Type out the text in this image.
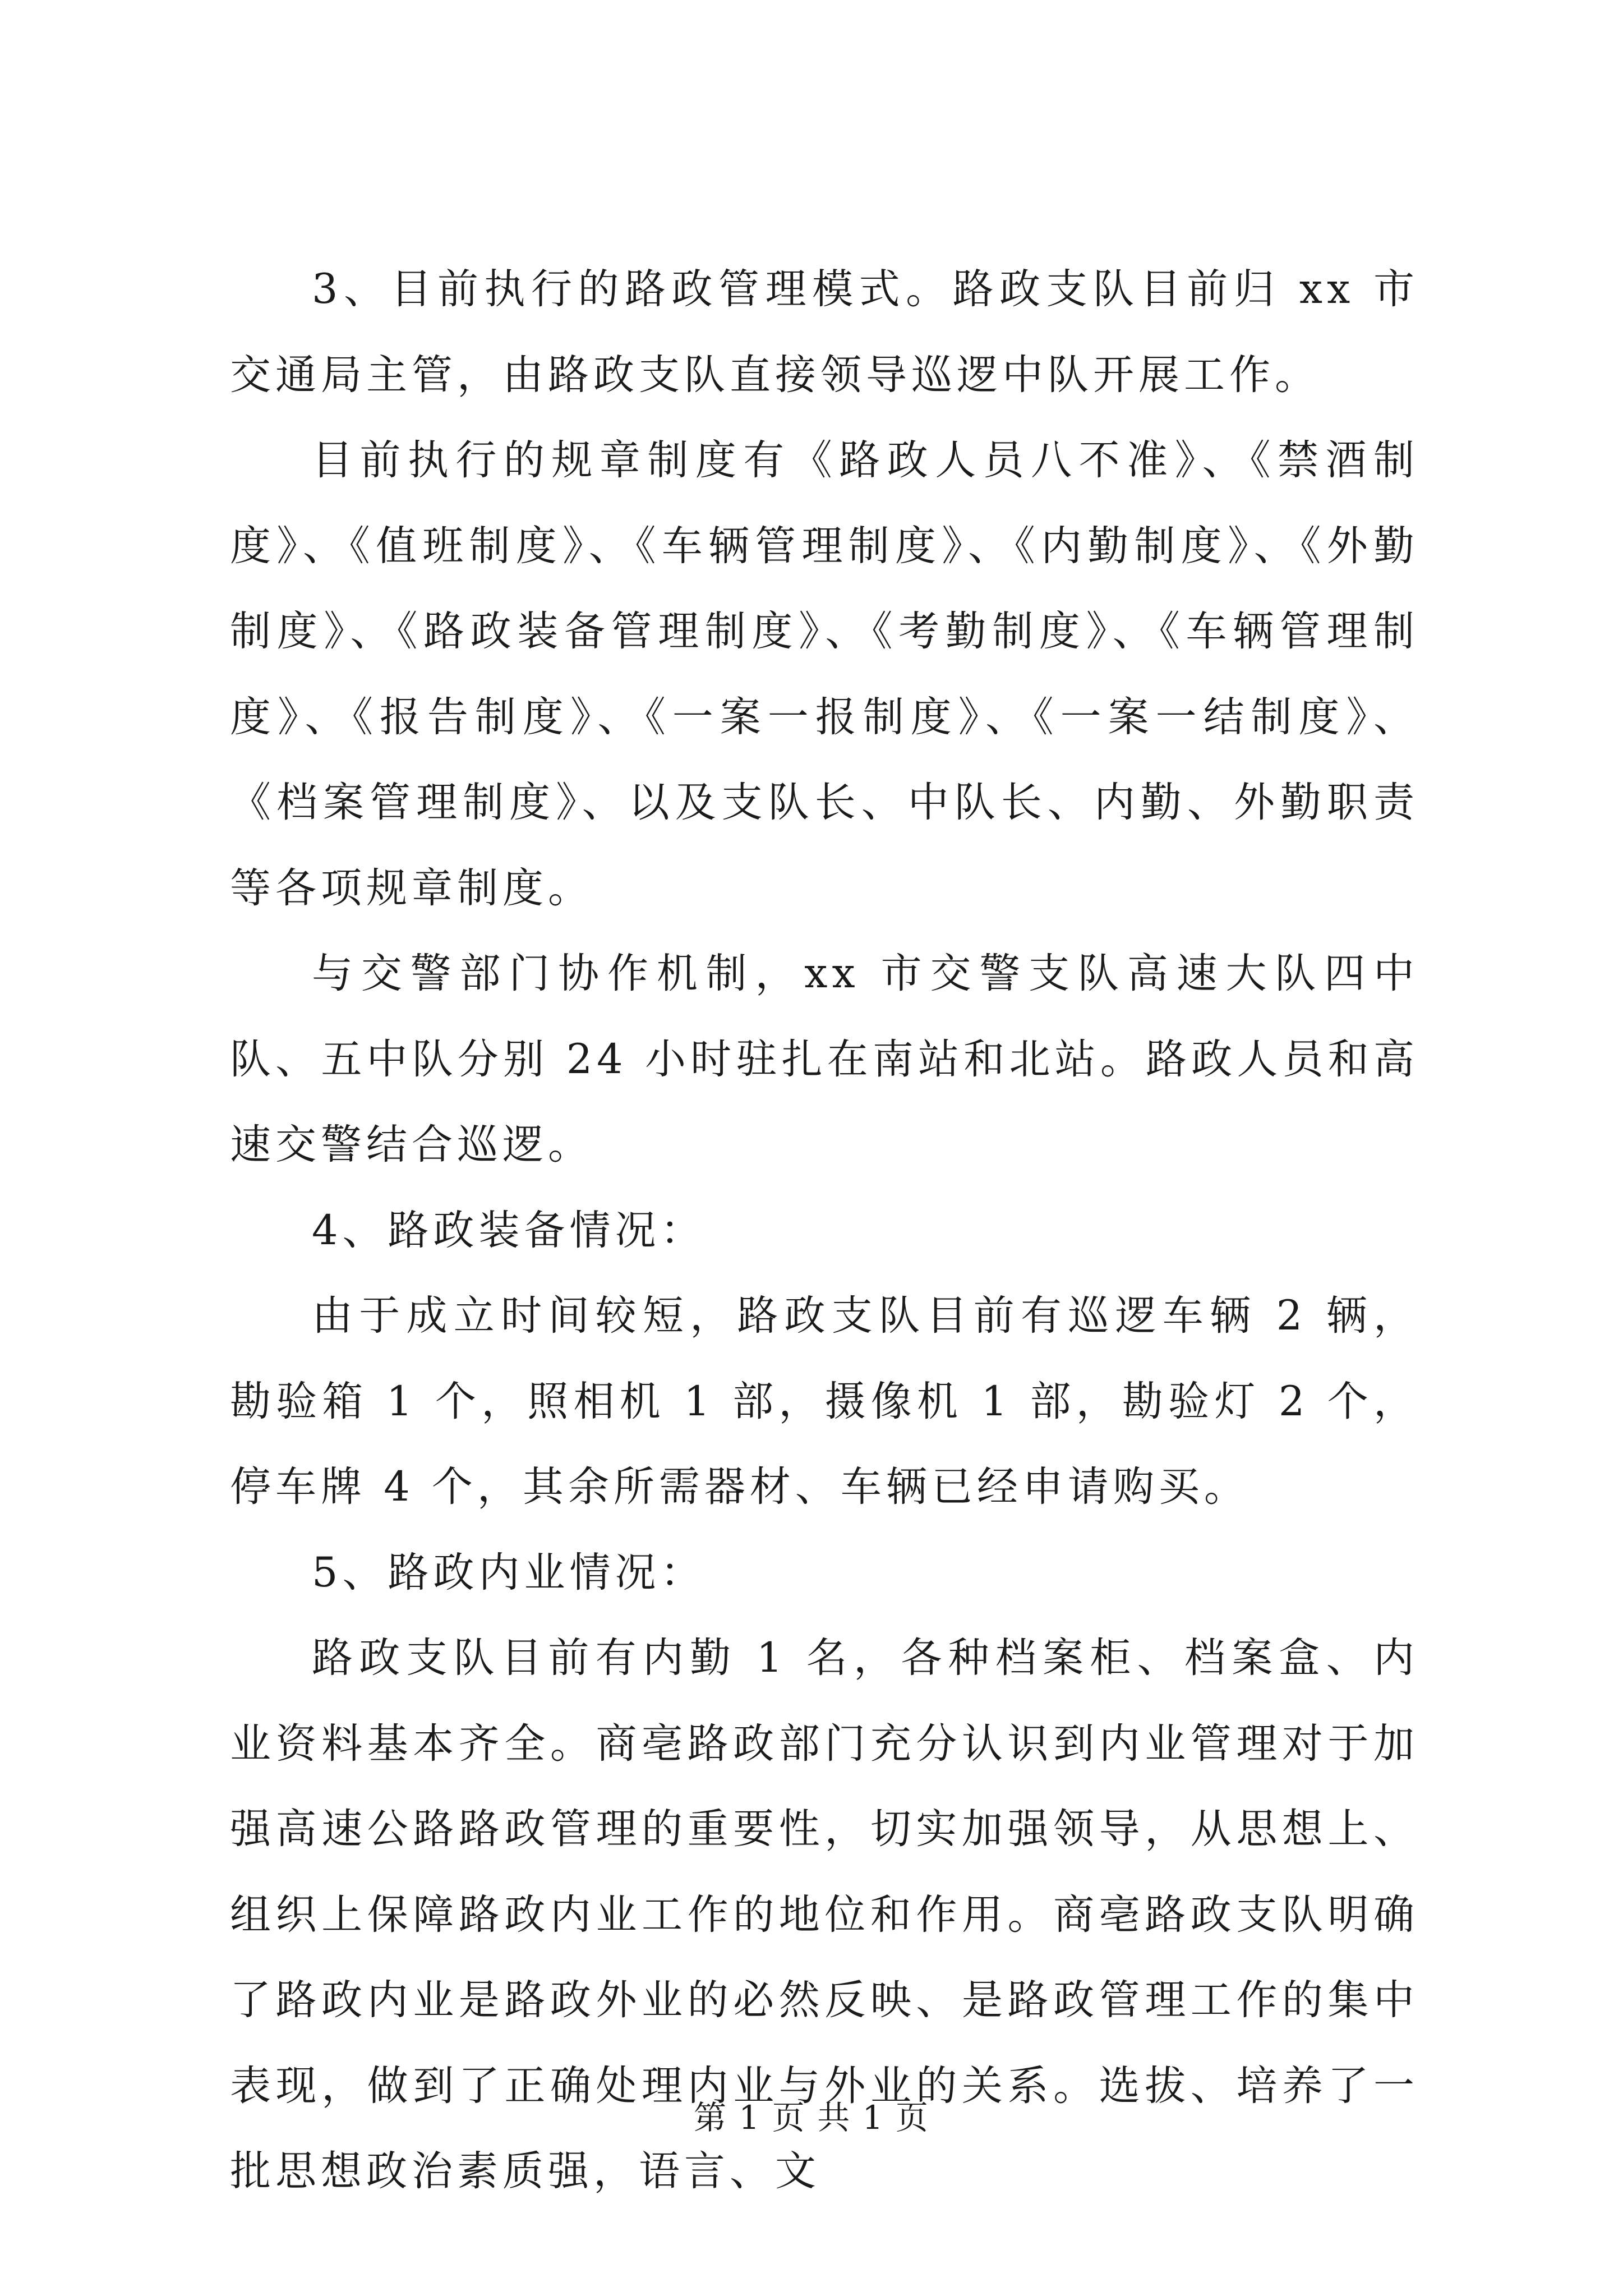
3、目前执行的路政管理模式。路政支队目前归 xx 市交通局主管，由路政支队直接领导巡逻中队开展工作。

目前执行的规章制度有《路政人员八不准》、《禁酒制度》、《值班制度》、《车辆管理制度》、《内勤制度》、《外勤制度》、《路政装备管理制度》、《考勤制度》、《车辆管理制度》、《报告制度》、《一案一报制度》、《一案一结制度》、《档案管理制度》、以及支队长、中队长、内勤、外勤职责等各项规章制度。

与交警部门协作机制，xx 市交警支队高速大队四中队、五中队分别 24 小时驻扎在南站和北站。路政人员和高速交警结合巡逻。

4、路政装备情况：

由于成立时间较短，路政支队目前有巡逻车辆 2 辆，勘验箱 1 个，照相机 1 部，摄像机 1 部，勘验灯 2 个，停车牌 4 个，其余所需器材、车辆已经申请购买。

5、路政内业情况：

路政支队目前有内勤 1 名，各种档案柜、档案盒、内业资料基本齐全。商亳路政部门充分认识到内业管理对于加强高速公路路政管理的重要性，切实加强领导，从思想上、组织上保障路政内业工作的地位和作用。商亳路政支队明确了路政内业是路政外业的必然反映、是路政管理工作的集中表现，做到了正确处理内业与外业的关系。选拔、培养了一批思想政治素质强，语言、文

第 1 页 共 1 页
